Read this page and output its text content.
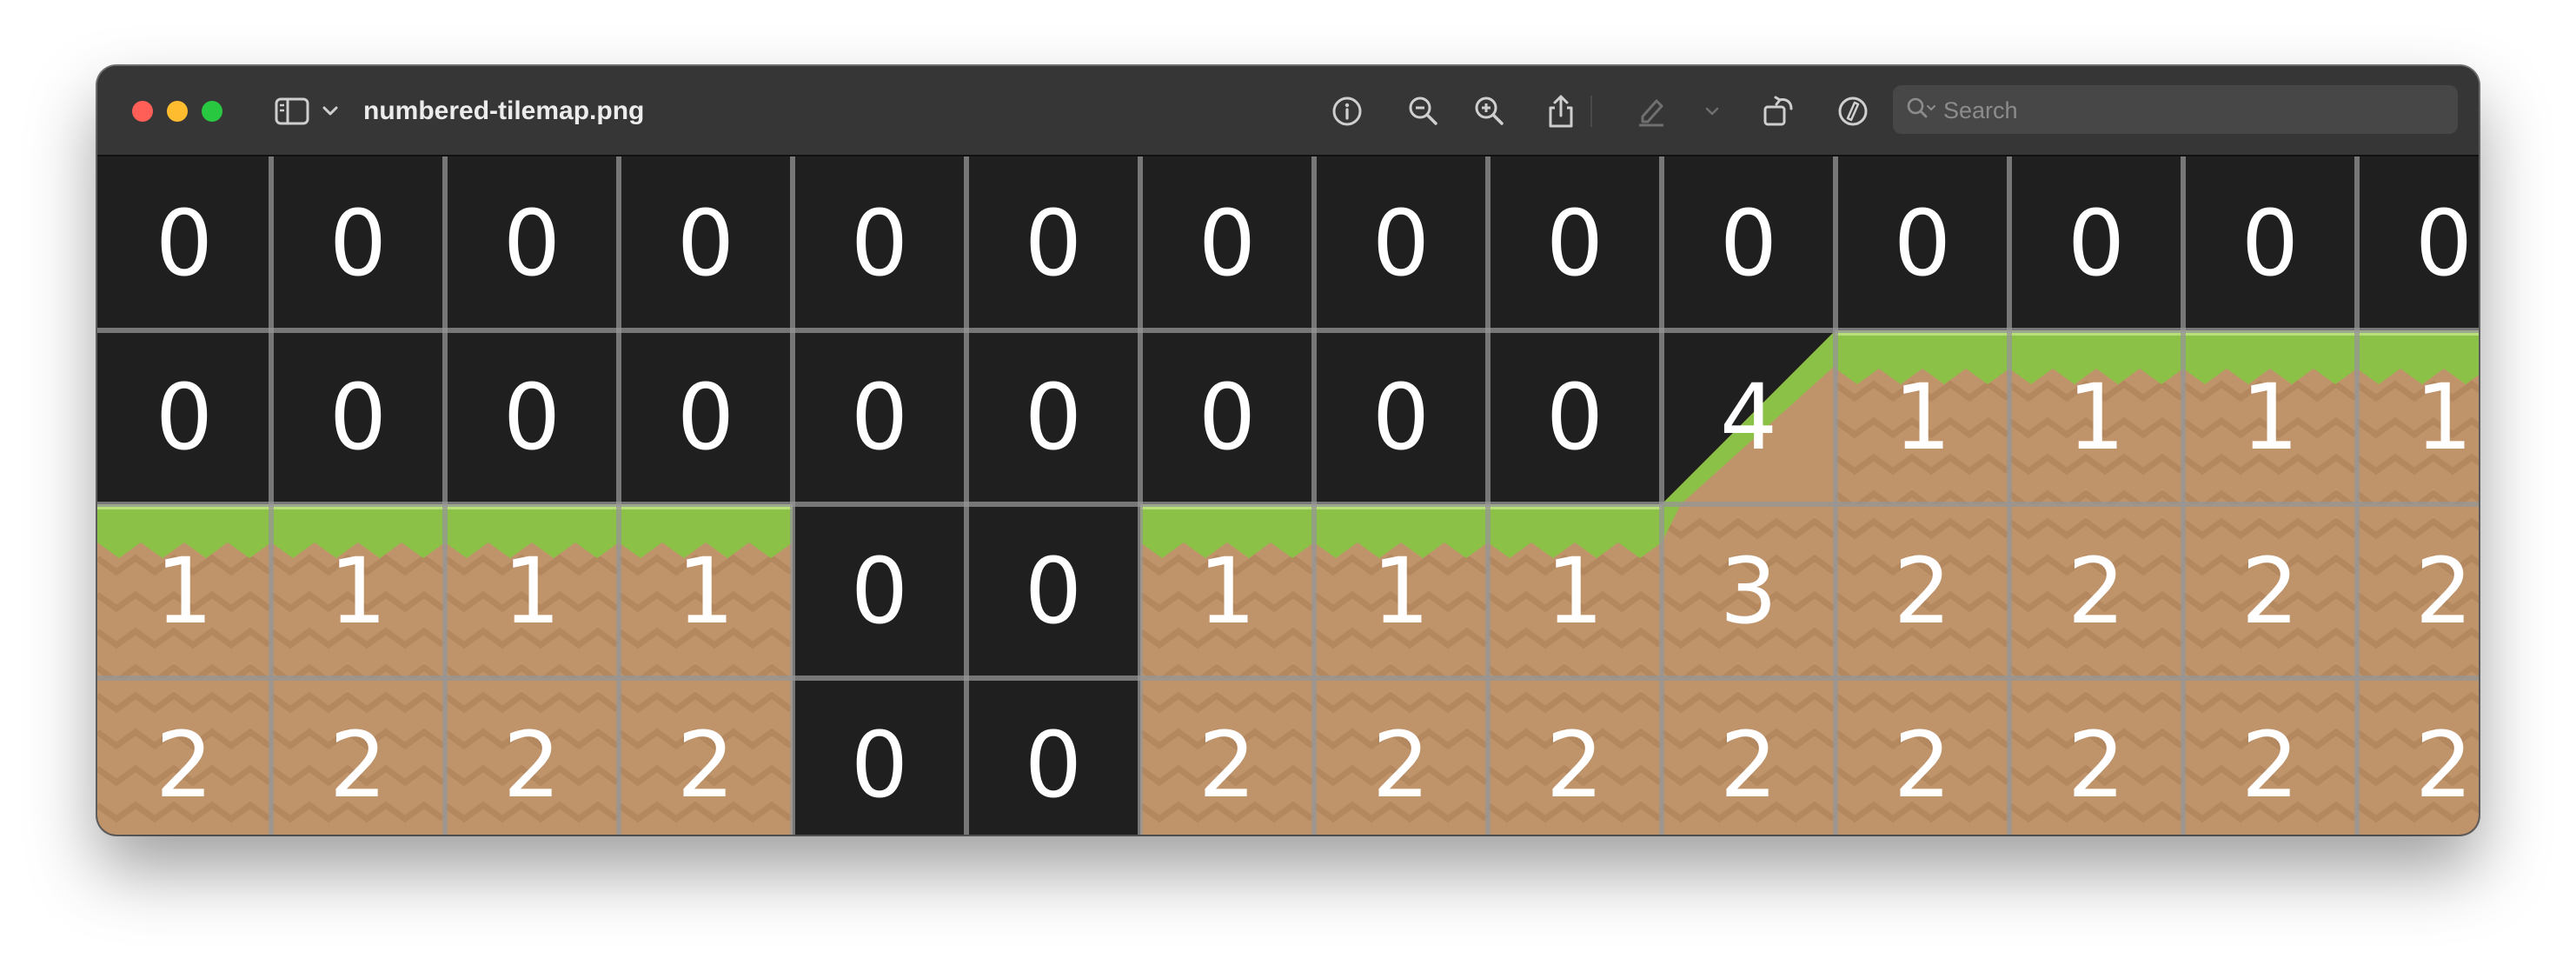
numbered-tilemap.png
Search
0 0 0 0 0 0 0 0 0 0 0 0 0 0
0 0 0 0 0 0 0 0 0 4 1 1 1 1
1 1 1 1 0 0 1 1 1 3 2 2 2 2
2 2 2 2 0 0 2 2 2 2 2 2 2 2
